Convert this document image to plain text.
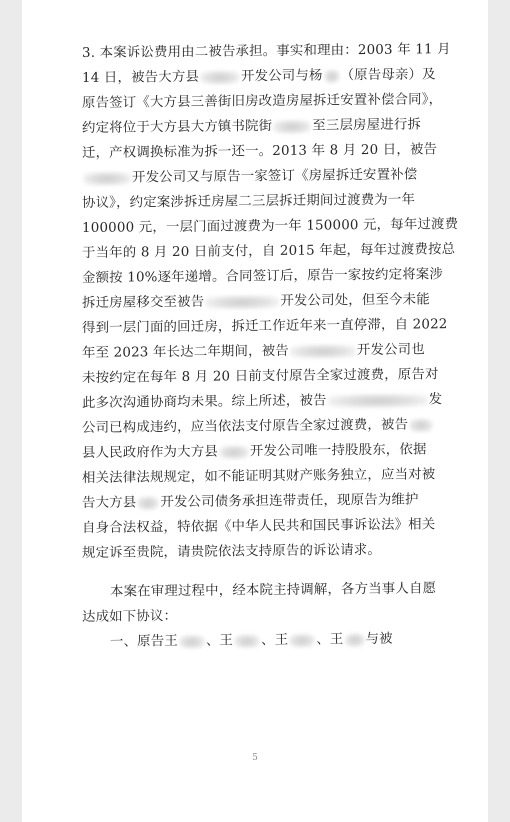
3. 本案诉讼费用由二被告承担。事实和理由：2003 年 11 月
14 日，被告大方县	开发公司与杨 （原告母亲）及
原告签订《大方县三善街旧房改造房屋拆迁安置补偿合同》，
约定将位于大方县大方镇书院街	至三层房屋进行拆
迁，产权调换标准为拆一还一。2013 年 8 月 20 日，被告
开发公司又与原告一家签订《房屋拆迁安置补偿
协议》，约定案涉拆迁房屋二三层拆迁期间过渡费为一年
100000 元，一层门面过渡费为一年 150000 元，每年过渡费
于当年的 8 月 20 日前支付，自 2015 年起，每年过渡费按总
金额按 10%逐年递增。合同签订后，原告一家按约定将案涉
拆迁房屋移交至被告	开发公司处，但至今未能
得到一层门面的回迁房，拆迁工作近年来一直停滞，自 2022
年至 2023 年长达二年期间，被告	开发公司也
未按约定在每年 8 月 20 日前支付原告全家过渡费，原告对
此多次沟通协商均未果。综上所述，被告	发
公司已构成违约，应当依法支付原告全家过渡费，被告
县人民政府作为大方县 开发公司唯一持股股东，依据
相关法律法规规定，如不能证明其财产账务独立，应当对被
告大方县 开发公司债务承担连带责任，现原告为维护
自身合法权益，特依据《中华人民共和国民事诉讼法》相关
规定诉至贵院，请贵院依法支持原告的诉讼请求。
本案在审理过程中，经本院主持调解，各方当事人自愿
达成如下协议：
一、原告王 、王 、王 、王 与被
5
